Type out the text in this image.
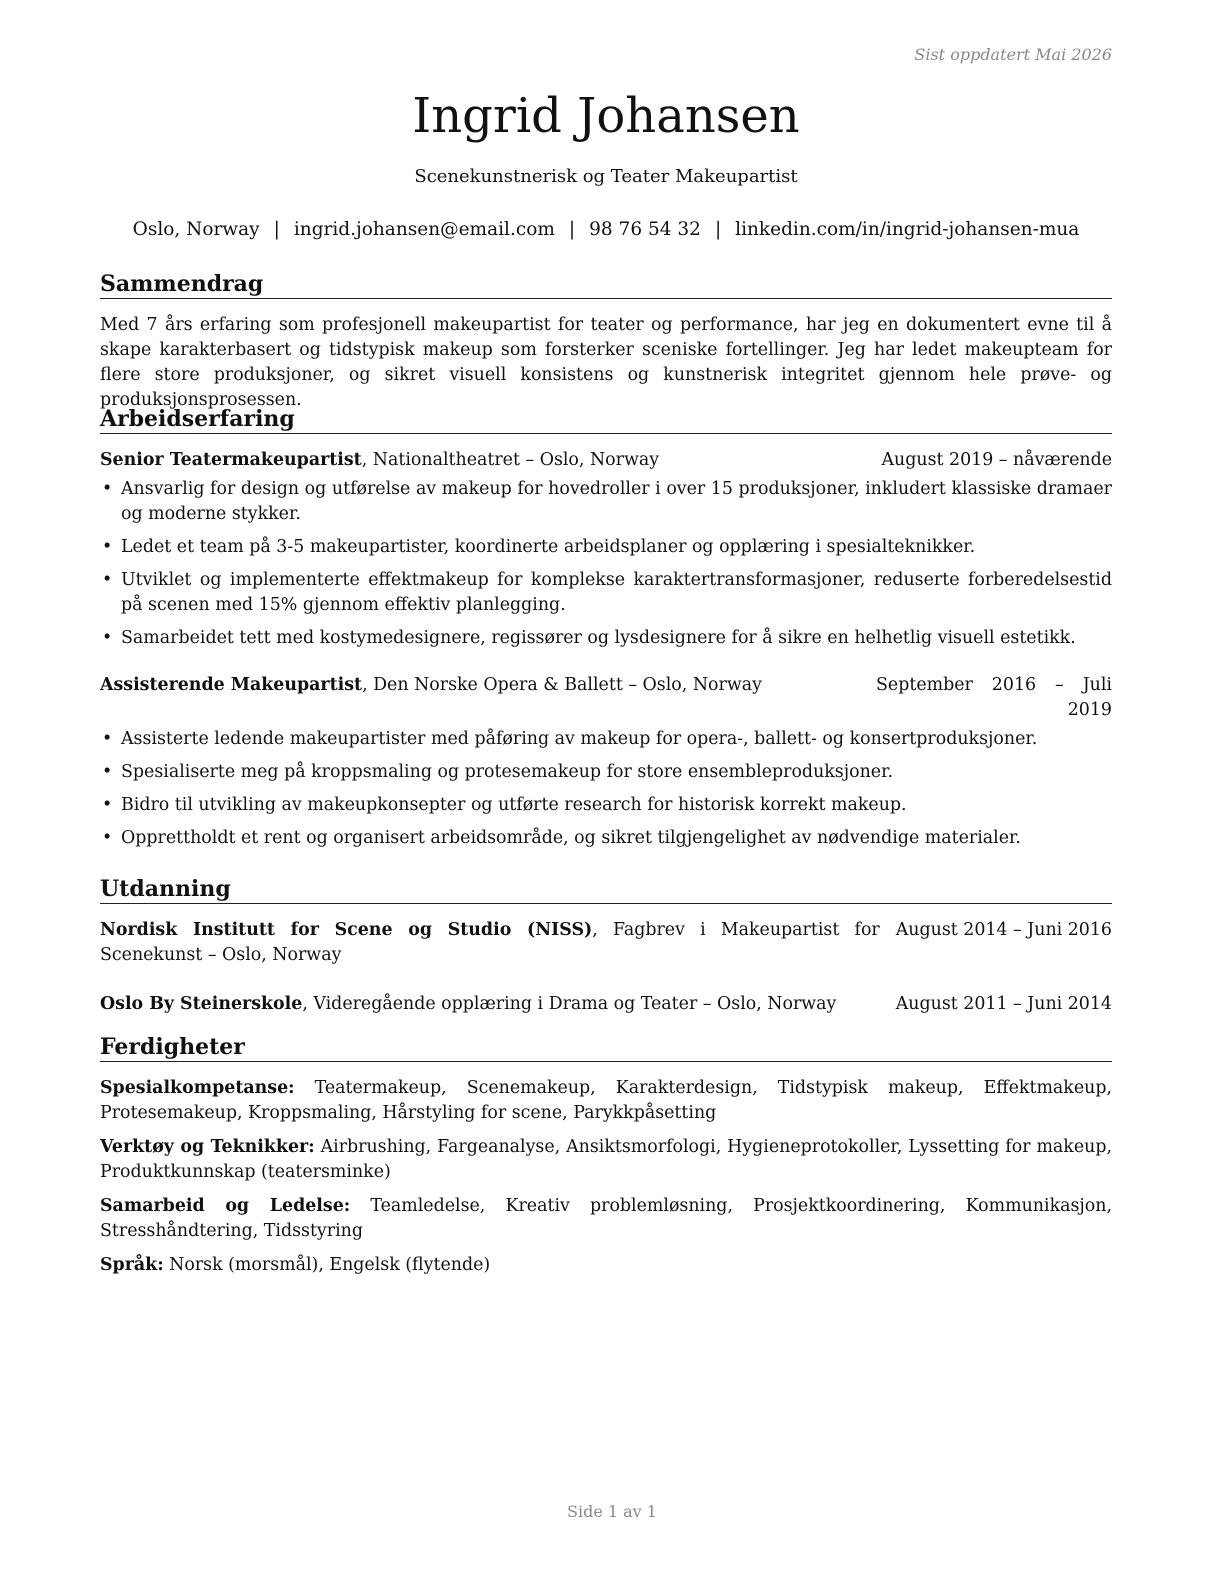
Sist oppdatert Mai 2026
Ingrid Johansen
Scenekunstnerisk og Teater Makeupartist
Oslo, Norway | ingrid.johansen@email.com | 98 76 54 32 | linkedin.com/in/ingrid-johansen-mua
Sammendrag
Med 7 års erfaring som profesjonell makeupartist for teater og performance, har jeg en dokumentert evne til å skape karakterbasert og tidstypisk makeup som forsterker sceniske fortellinger. Jeg har ledet makeupteam for flere store produksjoner, og sikret visuell konsistens og kunstnerisk integritet gjennom hele prøve- og produksjonsprosessen.
Arbeidserfaring
Senior Teatermakeupartist, Nationaltheatret – Oslo, Norway	August 2019 – nåværende
• Ansvarlig for design og utførelse av makeup for hovedroller i over 15 produksjoner, inkludert klassiske dramaer og moderne stykker.
• Ledet et team på 3-5 makeupartister, koordinerte arbeidsplaner og opplæring i spesialteknikker.
• Utviklet og implementerte effektmakeup for komplekse karaktertransformasjoner, reduserte forberedelsestid på scenen med 15% gjennom effektiv planlegging.
• Samarbeidet tett med kostymedesignere, regissører og lysdesignere for å sikre en helhetlig visuell estetikk.
Assisterende Makeupartist, Den Norske Opera & Ballett – Oslo, Norway	September 2016 – Juli 2019
• Assisterte ledende makeupartister med påføring av makeup for opera-, ballett- og konsertproduksjoner.
• Spesialiserte meg på kroppsmaling og protesemakeup for store ensembleproduksjoner.
• Bidro til utvikling av makeupkonsepter og utførte research for historisk korrekt makeup.
• Opprettholdt et rent og organisert arbeidsområde, og sikret tilgjengelighet av nødvendige materialer.
Utdanning
Nordisk Institutt for Scene og Studio (NISS), Fagbrev i Makeupartist for Scenekunst – Oslo, Norway
August 2014 – Juni 2016
Oslo By Steinerskole, Videregående opplæring i Drama og Teater – Oslo, Norway	August 2011 – Juni 2014
Ferdigheter
Spesialkompetanse: Teatermakeup, Scenemakeup, Karakterdesign, Tidstypisk makeup, Effektmakeup, Protesemakeup, Kroppsmaling, Hårstyling for scene, Parykkpåsetting
Verktøy og Teknikker: Airbrushing, Fargeanalyse, Ansiktsmorfologi, Hygieneprotokoller, Lyssetting for makeup, Produktkunnskap (teatersminke)
Samarbeid og Ledelse: Teamledelse, Kreativ problemløsning, Prosjektkoordinering, Kommunikasjon, Stresshåndtering, Tidsstyring
Språk: Norsk (morsmål), Engelsk (flytende)
Side 1 av 1
